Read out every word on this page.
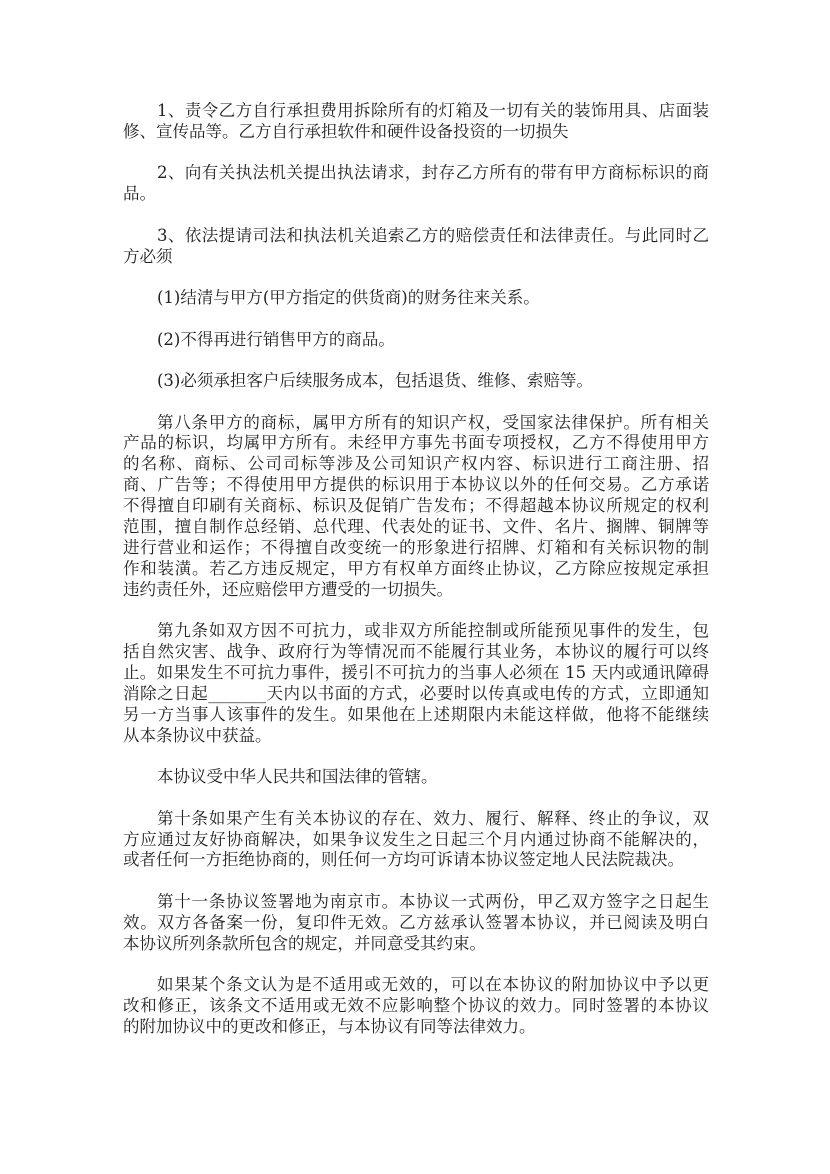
1、责令乙方自行承担费用拆除所有的灯箱及一切有关的装饰用具、店面装
修、宣传品等。乙方自行承担软件和硬件设备投资的一切损失
2、向有关执法机关提出执法请求，封存乙方所有的带有甲方商标标识的商
品。
3、依法提请司法和执法机关追索乙方的赔偿责任和法律责任。与此同时乙
方必须
(1)结清与甲方(甲方指定的供货商)的财务往来关系。
(2)不得再进行销售甲方的商品。
(3)必须承担客户后续服务成本，包括退货、维修、索赔等。
第八条甲方的商标，属甲方所有的知识产权，受国家法律保护。所有相关
产品的标识，均属甲方所有。未经甲方事先书面专项授权，乙方不得使用甲方
的名称、商标、公司司标等涉及公司知识产权内容、标识进行工商注册、招
商、广告等；不得使用甲方提供的标识用于本协议以外的任何交易。乙方承诺
不得擅自印刷有关商标、标识及促销广告发布；不得超越本协议所规定的权利
范围，擅自制作总经销、总代理、代表处的证书、文件、名片、搁牌、铜牌等
进行营业和运作；不得擅自改变统一的形象进行招牌、灯箱和有关标识物的制
作和装潢。若乙方违反规定，甲方有权单方面终止协议，乙方除应按规定承担
违约责任外，还应赔偿甲方遭受的一切损失。
第九条如双方因不可抗力，或非双方所能控制或所能预见事件的发生，包
括自然灾害、战争、政府行为等情况而不能履行其业务，本协议的履行可以终
止。如果发生不可抗力事件，援引不可抗力的当事人必须在 15 天内或通讯障碍
消除之日起_______天内以书面的方式，必要时以传真或电传的方式，立即通知
另一方当事人该事件的发生。如果他在上述期限内未能这样做，他将不能继续
从本条协议中获益。
本协议受中华人民共和国法律的管辖。
第十条如果产生有关本协议的存在、效力、履行、解释、终止的争议，双
方应通过友好协商解决，如果争议发生之日起三个月内通过协商不能解决的，
或者任何一方拒绝协商的，则任何一方均可诉请本协议签定地人民法院裁决。
第十一条协议签署地为南京市。本协议一式两份，甲乙双方签字之日起生
效。双方各备案一份，复印件无效。乙方兹承认签署本协议，并已阅读及明白
本协议所列条款所包含的规定，并同意受其约束。
如果某个条文认为是不适用或无效的，可以在本协议的附加协议中予以更
改和修正，该条文不适用或无效不应影响整个协议的效力。同时签署的本协议
的附加协议中的更改和修正，与本协议有同等法律效力。
